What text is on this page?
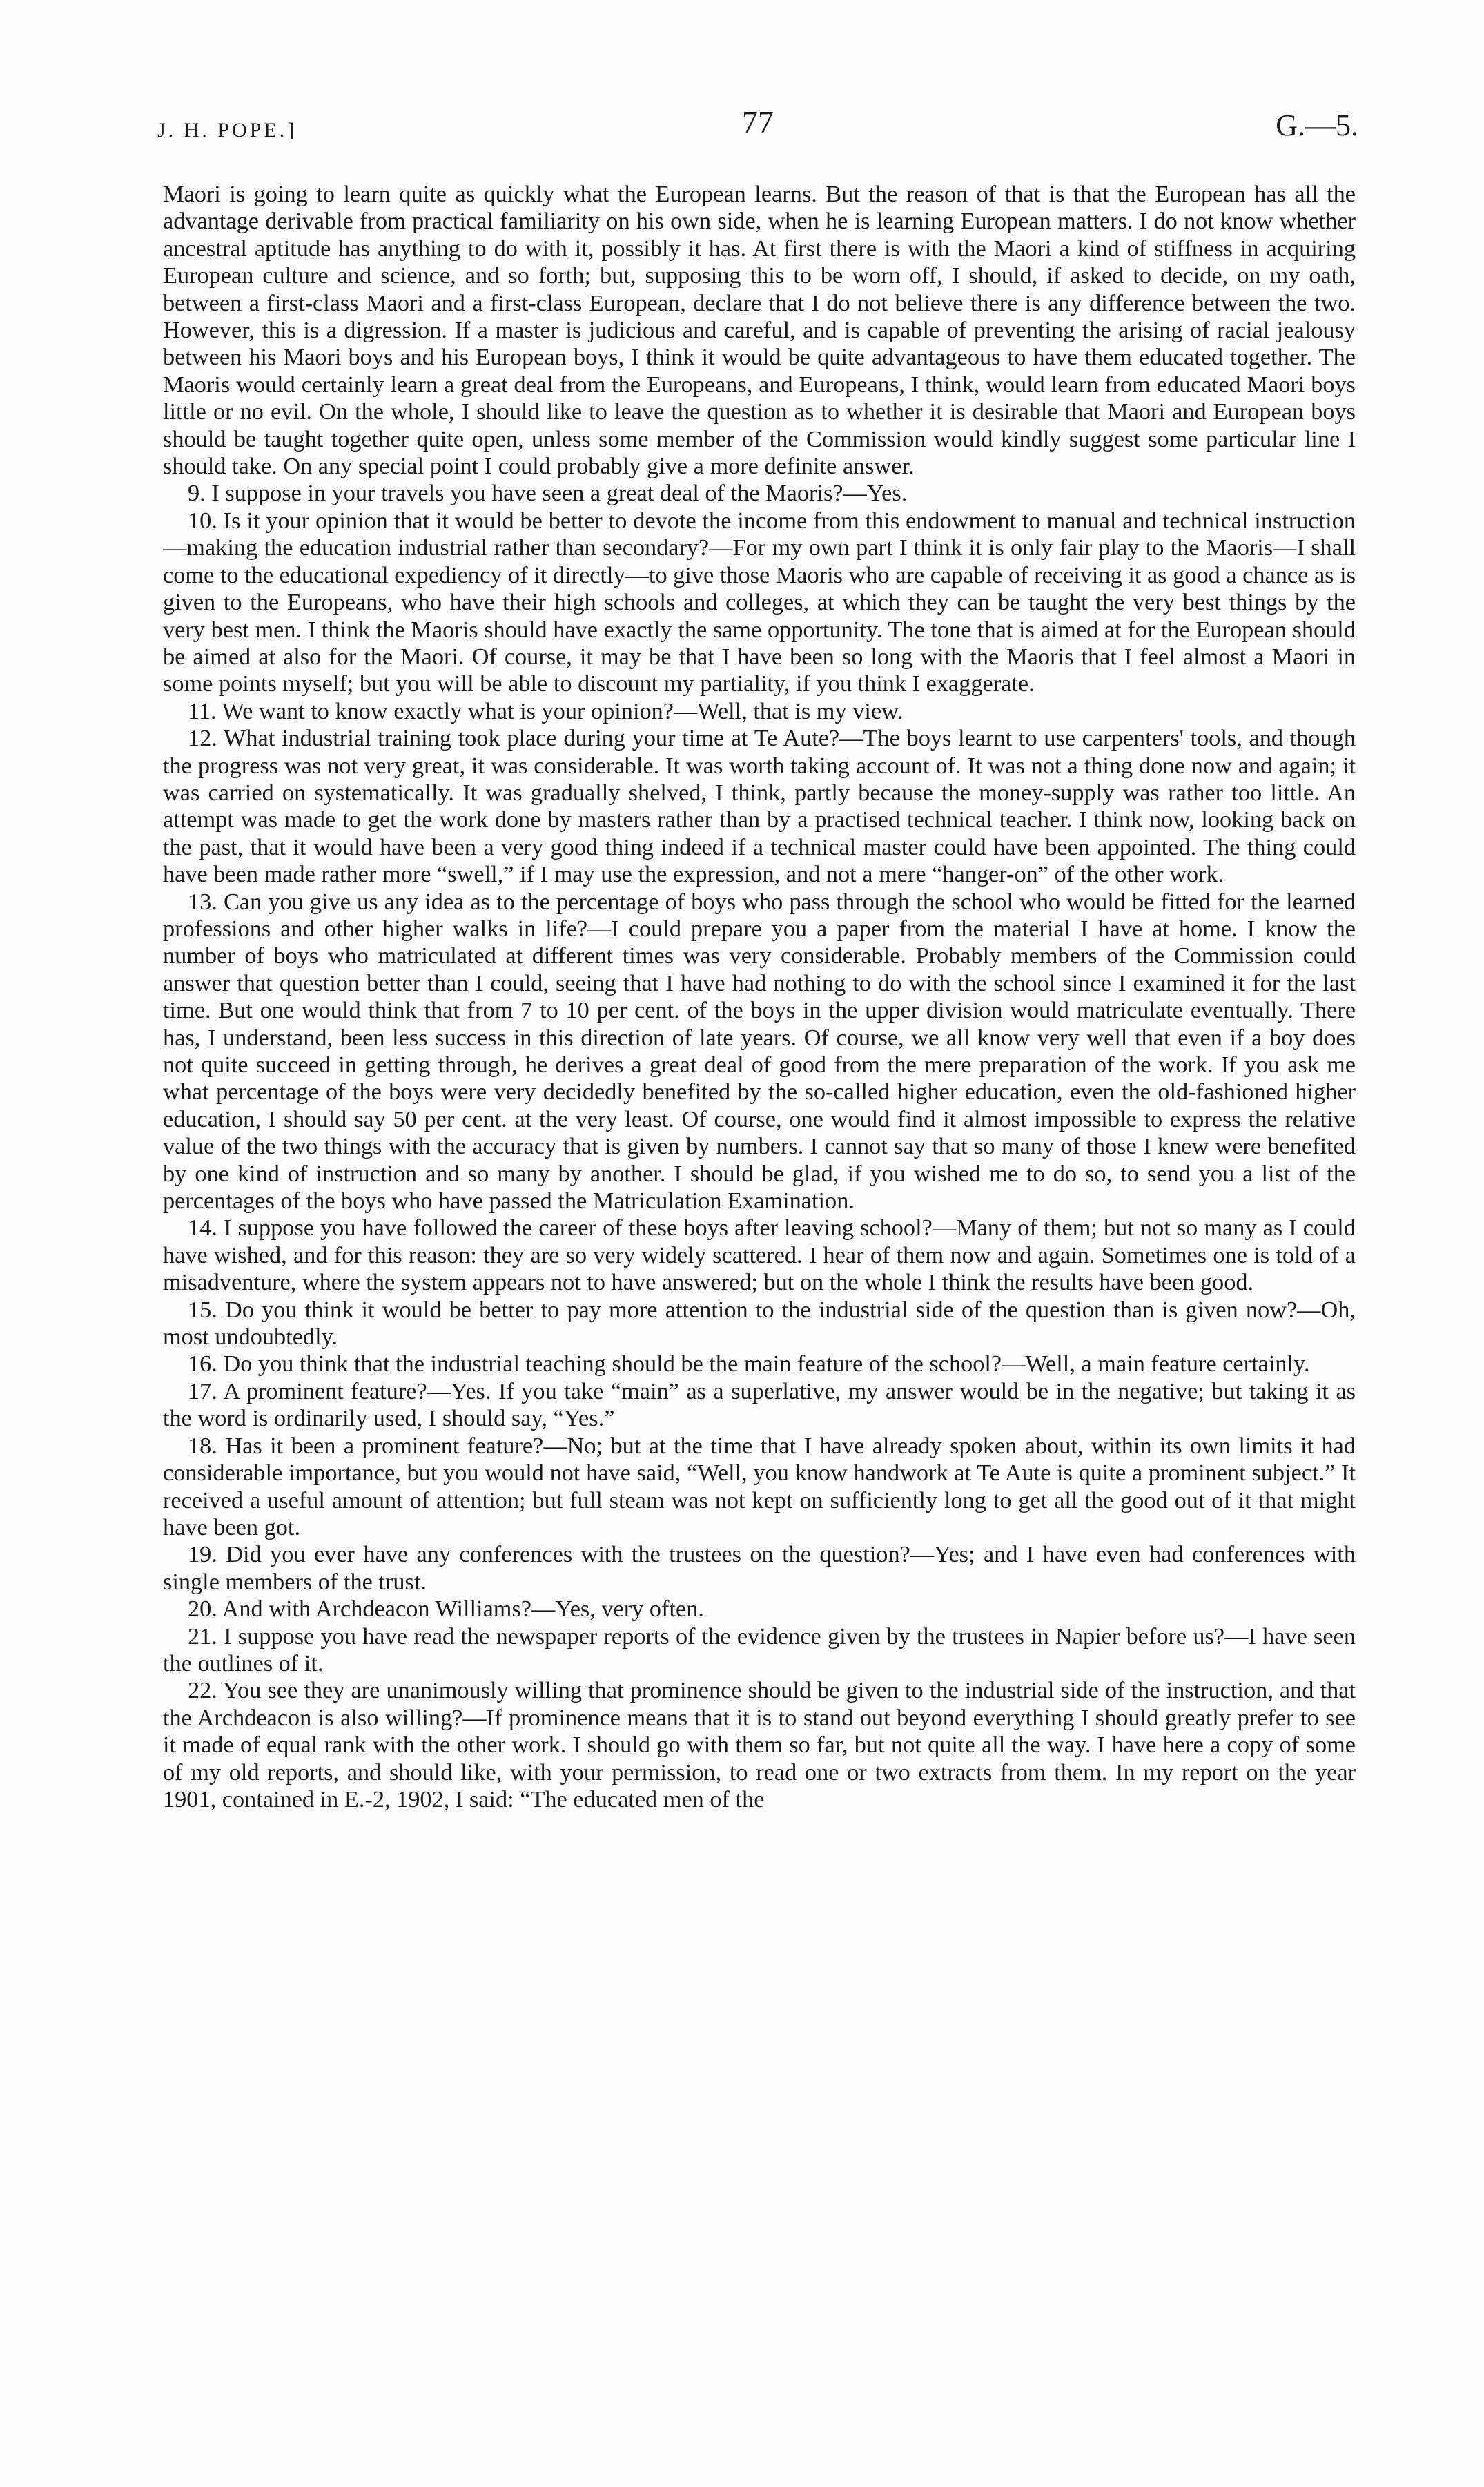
J. H. POPE.]	77	G.—5.

Maori is going to learn quite as quickly what the European learns. But the reason of that is that the European has all the advantage derivable from practical familiarity on his own side, when he is learning European matters. I do not know whether ancestral aptitude has anything to do with it, possibly it has. At first there is with the Maori a kind of stiffness in acquiring European culture and science, and so forth; but, supposing this to be worn off, I should, if asked to decide, on my oath, between a first-class Maori and a first-class European, declare that I do not believe there is any difference between the two. However, this is a digression. If a master is judicious and careful, and is capable of preventing the arising of racial jealousy between his Maori boys and his European boys, I think it would be quite advantageous to have them educated together. The Maoris would certainly learn a great deal from the Europeans, and Europeans, I think, would learn from educated Maori boys little or no evil. On the whole, I should like to leave the question as to whether it is desirable that Maori and European boys should be taught together quite open, unless some member of the Commission would kindly suggest some particular line I should take. On any special point I could probably give a more definite answer.

9. I suppose in your travels you have seen a great deal of the Maoris?—Yes.

10. Is it your opinion that it would be better to devote the income from this endowment to manual and technical instruction—making the education industrial rather than secondary?—For my own part I think it is only fair play to the Maoris—I shall come to the educational expediency of it directly—to give those Maoris who are capable of receiving it as good a chance as is given to the Europeans, who have their high schools and colleges, at which they can be taught the very best things by the very best men. I think the Maoris should have exactly the same opportunity. The tone that is aimed at for the European should be aimed at also for the Maori. Of course, it may be that I have been so long with the Maoris that I feel almost a Maori in some points myself; but you will be able to discount my partiality, if you think I exaggerate.

11. We want to know exactly what is your opinion?—Well, that is my view.

12. What industrial training took place during your time at Te Aute?—The boys learnt to use carpenters' tools, and though the progress was not very great, it was considerable. It was worth taking account of. It was not a thing done now and again; it was carried on systematically. It was gradually shelved, I think, partly because the money-supply was rather too little. An attempt was made to get the work done by masters rather than by a practised technical teacher. I think now, looking back on the past, that it would have been a very good thing indeed if a technical master could have been appointed. The thing could have been made rather more “swell,” if I may use the expression, and not a mere “hanger-on” of the other work.

13. Can you give us any idea as to the percentage of boys who pass through the school who would be fitted for the learned professions and other higher walks in life?—I could prepare you a paper from the material I have at home. I know the number of boys who matriculated at different times was very considerable. Probably members of the Commission could answer that question better than I could, seeing that I have had nothing to do with the school since I examined it for the last time. But one would think that from 7 to 10 per cent. of the boys in the upper division would matriculate eventually. There has, I understand, been less success in this direction of late years. Of course, we all know very well that even if a boy does not quite succeed in getting through, he derives a great deal of good from the mere preparation of the work. If you ask me what percentage of the boys were very decidedly benefited by the so-called higher education, even the old-fashioned higher education, I should say 50 per cent. at the very least. Of course, one would find it almost impossible to express the relative value of the two things with the accuracy that is given by numbers. I cannot say that so many of those I knew were benefited by one kind of instruction and so many by another. I should be glad, if you wished me to do so, to send you a list of the percentages of the boys who have passed the Matriculation Examination.

14. I suppose you have followed the career of these boys after leaving school?—Many of them; but not so many as I could have wished, and for this reason: they are so very widely scattered. I hear of them now and again. Sometimes one is told of a misadventure, where the system appears not to have answered; but on the whole I think the results have been good.

15. Do you think it would be better to pay more attention to the industrial side of the question than is given now?—Oh, most undoubtedly.

16. Do you think that the industrial teaching should be the main feature of the school?—Well, a main feature certainly.

17. A prominent feature?—Yes. If you take “main” as a superlative, my answer would be in the negative; but taking it as the word is ordinarily used, I should say, “Yes.”

18. Has it been a prominent feature?—No; but at the time that I have already spoken about, within its own limits it had considerable importance, but you would not have said, “Well, you know handwork at Te Aute is quite a prominent subject.” It received a useful amount of attention; but full steam was not kept on sufficiently long to get all the good out of it that might have been got.

19. Did you ever have any conferences with the trustees on the question?—Yes; and I have even had conferences with single members of the trust.

20. And with Archdeacon Williams?—Yes, very often.

21. I suppose you have read the newspaper reports of the evidence given by the trustees in Napier before us?—I have seen the outlines of it.

22. You see they are unanimously willing that prominence should be given to the industrial side of the instruction, and that the Archdeacon is also willing?—If prominence means that it is to stand out beyond everything I should greatly prefer to see it made of equal rank with the other work. I should go with them so far, but not quite all the way. I have here a copy of some of my old reports, and should like, with your permission, to read one or two extracts from them. In my report on the year 1901, contained in E.-2, 1902, I said: “The educated men of the
